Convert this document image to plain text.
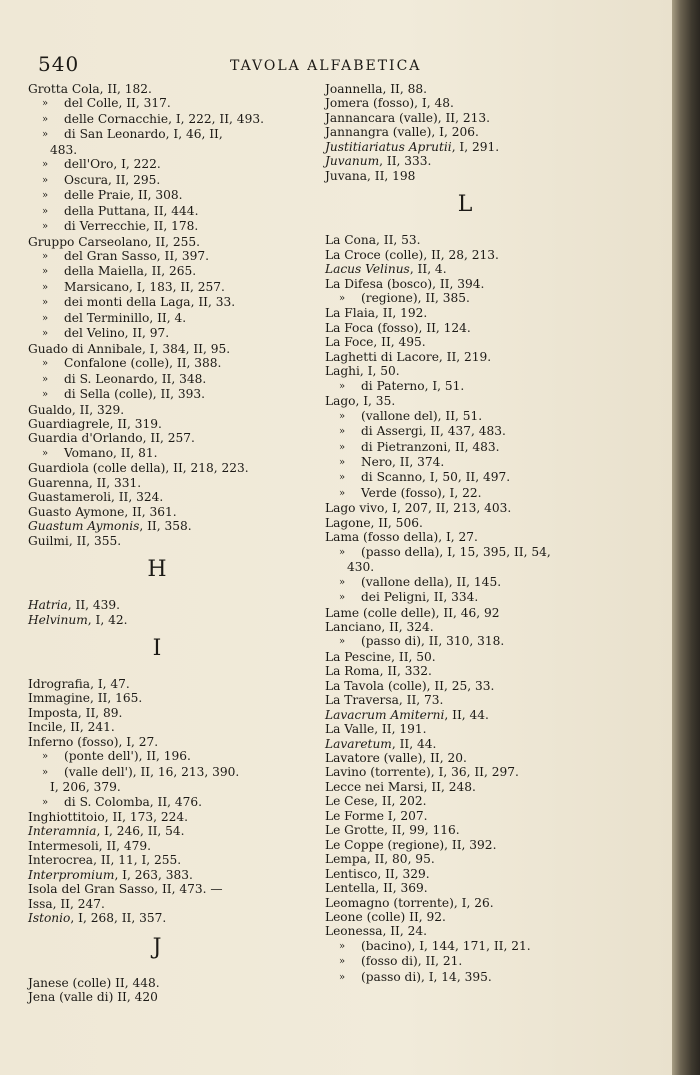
540	TAVOLA ALFABETICA
Grotta Cola, II, 182.
» del Colle, II, 317.
» delle Cornacchie, I, 222, II, 493.
» di San Leonardo, I, 46, II,
483.
» dell'Oro, I, 222.
» Oscura, II, 295.
» delle Praie, II, 308.
» della Puttana, II, 444.
» di Verrecchie, II, 178.
Gruppo Carseolano, II, 255.
» del Gran Sasso, II, 397.
» della Maiella, II, 265.
» Marsicano, I, 183, II, 257.
» dei monti della Laga, II, 33.
» del Terminillo, II, 4.
» del Velino, II, 97.
Guado di Annibale, I, 384, II, 95.
» Confalone (colle), II, 388.
» di S. Leonardo, II, 348.
» di Sella (colle), II, 393.
Gualdo, II, 329.
Guardiagrele, II, 319.
Guardia d'Orlando, II, 257.
» Vomano, II, 81.
Guardiola (colle della), II, 218, 223.
Guarenna, II, 331.
Guastameroli, II, 324.
Guasto Aymone, II, 361.
Guastum Aymonis, II, 358.
Guilmi, II, 355.
H
Hatria, II, 439.
Helvinum, I, 42.
I
Idrografia, I, 47.
Immagine, II, 165.
Imposta, II, 89.
Incile, II, 241.
Inferno (fosso), I, 27.
» (ponte dell'), II, 196.
» (valle dell'), II, 16, 213, 390.
I, 206, 379.
» di S. Colomba, II, 476.
Inghiottitoio, II, 173, 224.
Interamnia, I, 246, II, 54.
Intermesoli, II, 479.
Interocrea, II, 11, I, 255.
Interpromium, I, 263, 383.
Isola del Gran Sasso, II, 473. —
Issa, II, 247.
Istonio, I, 268, II, 357.
J
Janese (colle) II, 448.
Jena (valle di) II, 420
Joannella, II, 88.
Jomera (fosso), I, 48.
Jannancara (valle), II, 213.
Jannangra (valle), I, 206.
Justitiariatus Aprutii, I, 291.
Juvanum, II, 333.
Juvana, II, 198
L
La Cona, II, 53.
La Croce (colle), II, 28, 213.
Lacus Velinus, II, 4.
La Difesa (bosco), II, 394.
» (regione), II, 385.
La Flaia, II, 192.
La Foca (fosso), II, 124.
La Foce, II, 495.
Laghetti di Lacore, II, 219.
Laghi, I, 50.
» di Paterno, I, 51.
Lago, I, 35.
» (vallone del), II, 51.
» di Assergi, II, 437, 483.
» di Pietranzoni, II, 483.
» Nero, II, 374.
» di Scanno, I, 50, II, 497.
» Verde (fosso), I, 22.
Lago vivo, I, 207, II, 213, 403.
Lagone, II, 506.
Lama (fosso della), I, 27.
» (passo della), I, 15, 395, II, 54,
430.
» (vallone della), II, 145.
» dei Peligni, II, 334.
Lame (colle delle), II, 46, 92
Lanciano, II, 324.
» (passo di), II, 310, 318.
La Pescine, II, 50.
La Roma, II, 332.
La Tavola (colle), II, 25, 33.
La Traversa, II, 73.
Lavacrum Amiterni, II, 44.
La Valle, II, 191.
Lavaretum, II, 44.
Lavatore (valle), II, 20.
Lavino (torrente), I, 36, II, 297.
Lecce nei Marsi, II, 248.
Le Cese, II, 202.
Le Forme I, 207.
Le Grotte, II, 99, 116.
Le Coppe (regione), II, 392.
Lempa, II, 80, 95.
Lentisco, II, 329.
Lentella, II, 369.
Leomagno (torrente), I, 26.
Leone (colle) II, 92.
Leonessa, II, 24.
» (bacino), I, 144, 171, II, 21.
» (fosso di), II, 21.
» (passo di), I, 14, 395.
